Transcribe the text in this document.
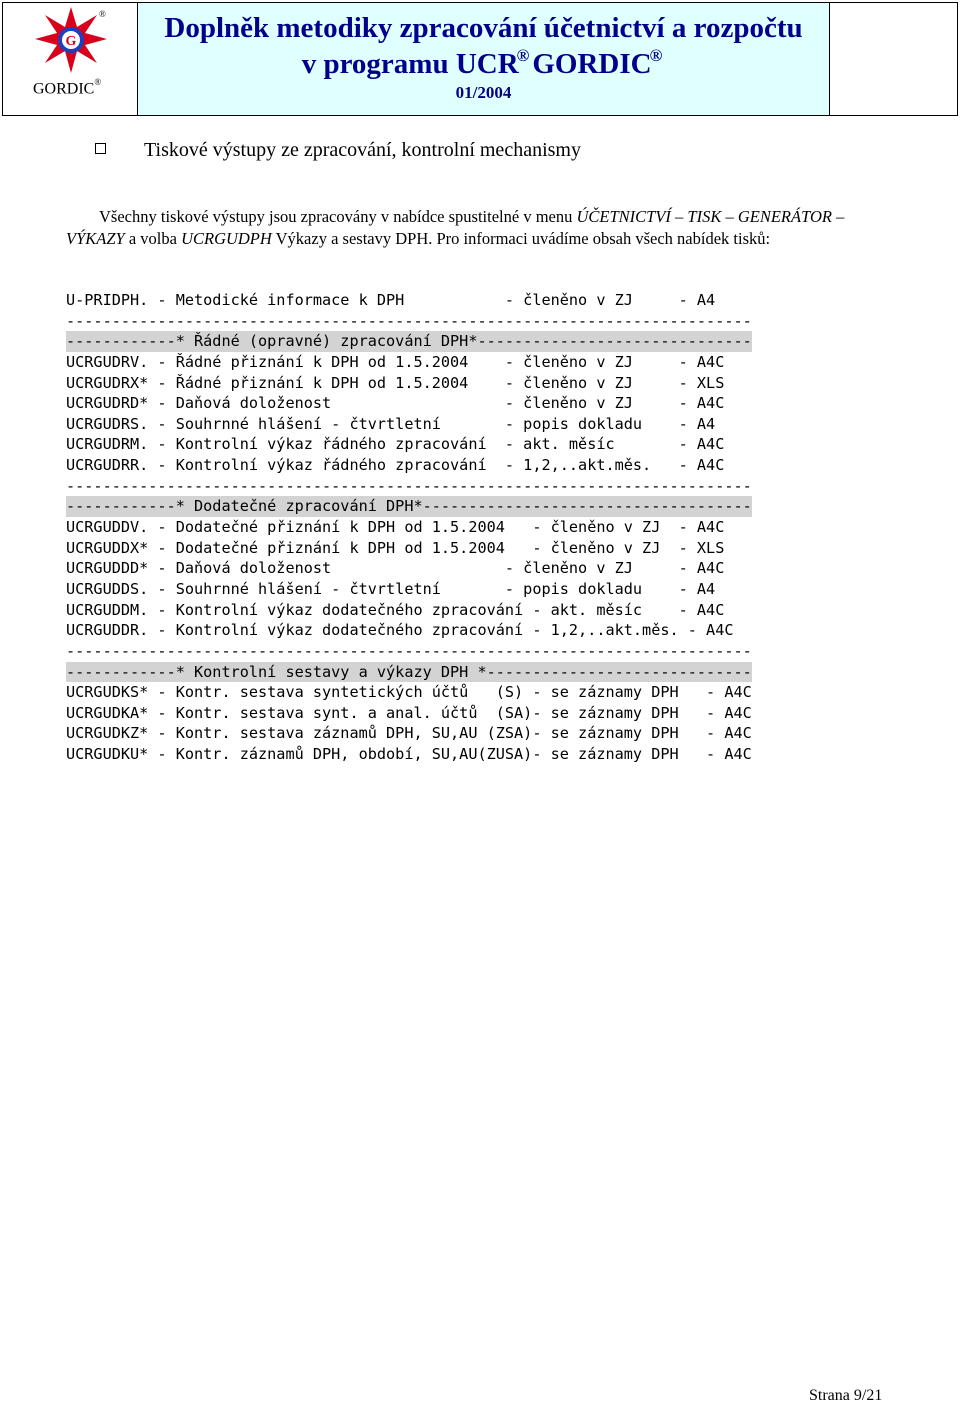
G
®
GORDIC®
Doplněk metodiky zpracování účetnictví a rozpočtu
v programu UCR® GORDIC®
01/2004
Tiskové výstupy ze zpracování, kontrolní mechanismy

Všechny tiskové výstupy jsou zpracovány v nabídce spustitelné v menu ÚČETNICTVÍ – TISK – GENERÁTOR – VÝKAZY a volba UCRGUDPH Výkazy a sestavy DPH. Pro informaci uvádíme obsah všech nabídek tisků:

U-PRIDPH. - Metodické informace k DPH           - členěno v ZJ     - A4
---------------------------------------------------------------------------
------------* Řádné (opravné) zpracování DPH*------------------------------
UCRGUDRV. - Řádné přiznání k DPH od 1.5.2004    - členěno v ZJ     - A4C
UCRGUDRX* - Řádné přiznání k DPH od 1.5.2004    - členěno v ZJ     - XLS
UCRGUDRD* - Daňová doloženost                   - členěno v ZJ     - A4C
UCRGUDRS. - Souhrnné hlášení - čtvrtletní       - popis dokladu    - A4
UCRGUDRM. - Kontrolní výkaz řádného zpracování  - akt. měsíc       - A4C
UCRGUDRR. - Kontrolní výkaz řádného zpracování  - 1,2,..akt.měs.   - A4C
---------------------------------------------------------------------------
------------* Dodatečné zpracování DPH*------------------------------------
UCRGUDDV. - Dodatečné přiznání k DPH od 1.5.2004   - členěno v ZJ  - A4C
UCRGUDDX* - Dodatečné přiznání k DPH od 1.5.2004   - členěno v ZJ  - XLS
UCRGUDDD* - Daňová doloženost                   - členěno v ZJ     - A4C
UCRGUDDS. - Souhrnné hlášení - čtvrtletní       - popis dokladu    - A4
UCRGUDDM. - Kontrolní výkaz dodatečného zpracování - akt. měsíc    - A4C
UCRGUDDR. - Kontrolní výkaz dodatečného zpracování - 1,2,..akt.měs. - A4C
---------------------------------------------------------------------------
------------* Kontrolní sestavy a výkazy DPH *-----------------------------
UCRGUDKS* - Kontr. sestava syntetických účtů   (S) - se záznamy DPH   - A4C
UCRGUDKA* - Kontr. sestava synt. a anal. účtů  (SA)- se záznamy DPH   - A4C
UCRGUDKZ* - Kontr. sestava záznamů DPH, SU,AU (ZSA)- se záznamy DPH   - A4C
UCRGUDKU* - Kontr. záznamů DPH, období, SU,AU(ZUSA)- se záznamy DPH   - A4C
Strana 9/21
